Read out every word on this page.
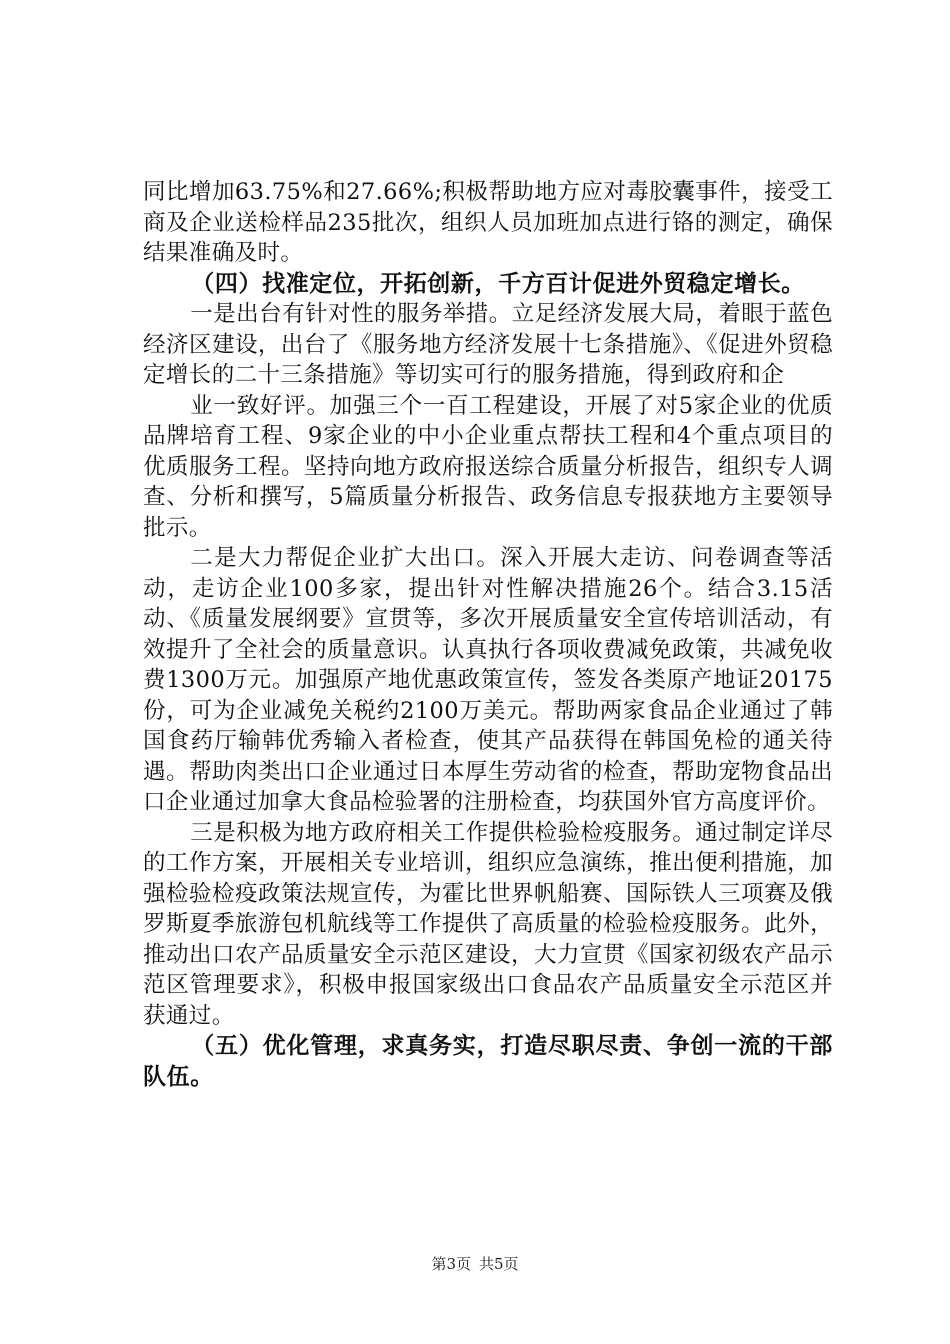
同比增加63.75%和27.66%;积极帮助地方应对毒胶囊事件，接受工商及企业送检样品235批次，组织人员加班加点进行铬的测定，确保结果准确及时。

（四）找准定位，开拓创新，千方百计促进外贸稳定增长。

一是出台有针对性的服务举措。立足经济发展大局，着眼于蓝色经济区建设，出台了《服务地方经济发展十七条措施》、《促进外贸稳定增长的二十三条措施》等切实可行的服务措施，得到政府和企

业一致好评。加强三个一百工程建设，开展了对5家企业的优质品牌培育工程、9家企业的中小企业重点帮扶工程和4个重点项目的优质服务工程。坚持向地方政府报送综合质量分析报告，组织专人调查、分析和撰写，5篇质量分析报告、政务信息专报获地方主要领导批示。

二是大力帮促企业扩大出口。深入开展大走访、问卷调查等活动，走访企业100多家，提出针对性解决措施26个。结合3.15活动、《质量发展纲要》宣贯等，多次开展质量安全宣传培训活动，有效提升了全社会的质量意识。认真执行各项收费减免政策，共减免收费1300万元。加强原产地优惠政策宣传，签发各类原产地证20175份，可为企业减免关税约2100万美元。帮助两家食品企业通过了韩国食药厅输韩优秀输入者检查，使其产品获得在韩国免检的通关待遇。帮助肉类出口企业通过日本厚生劳动省的检查，帮助宠物食品出口企业通过加拿大食品检验署的注册检查，均获国外官方高度评价。

三是积极为地方政府相关工作提供检验检疫服务。通过制定详尽的工作方案，开展相关专业培训，组织应急演练，推出便利措施，加强检验检疫政策法规宣传，为霍比世界帆船赛、国际铁人三项赛及俄罗斯夏季旅游包机航线等工作提供了高质量的检验检疫服务。此外，推动出口农产品质量安全示范区建设，大力宣贯《国家初级农产品示范区管理要求》，积极申报国家级出口食品农产品质量安全示范区并获通过。

（五）优化管理，求真务实，打造尽职尽责、争创一流的干部队伍。

第3页 共5页
